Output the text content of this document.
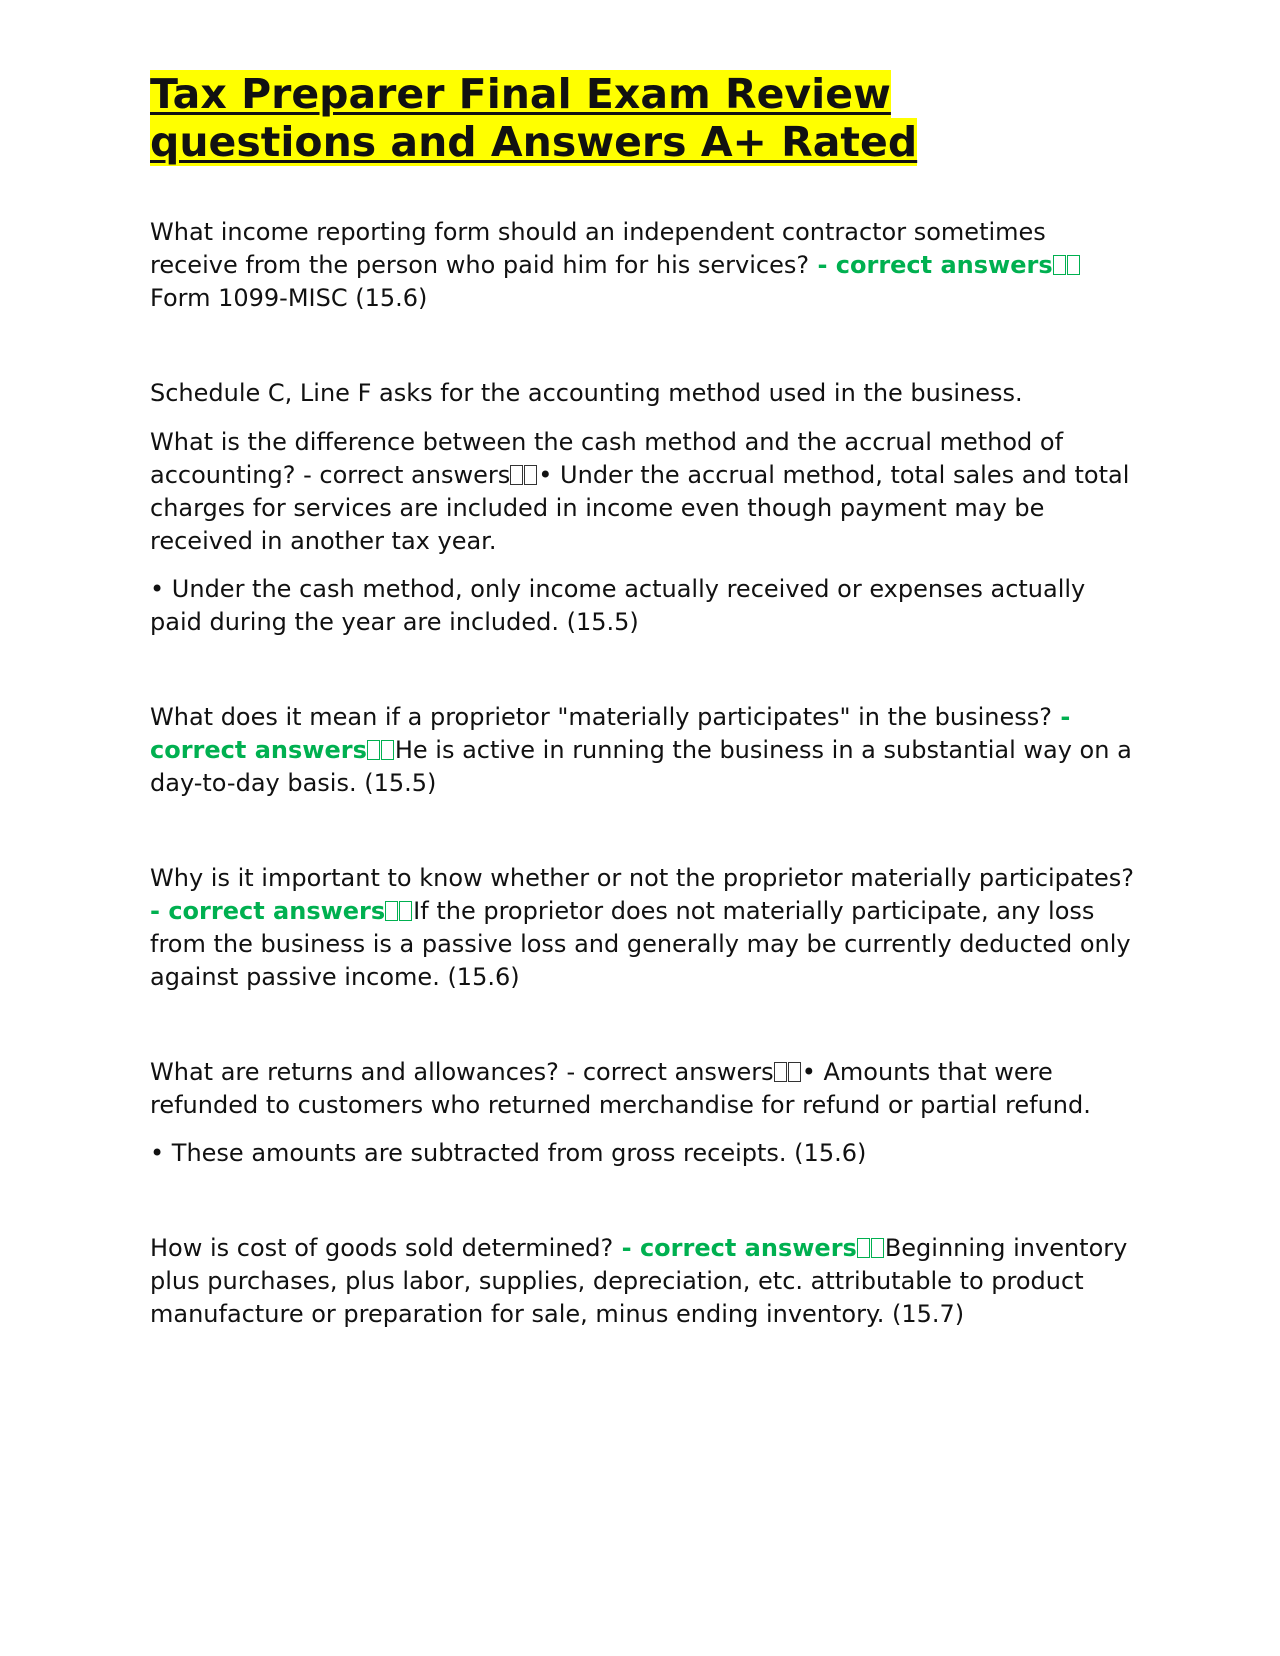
Tax Preparer Final Exam Review
questions and Answers A+ Rated

What income reporting form should an independent contractor sometimes receive from the person who paid him for his services? - correct answersForm 1099-MISC (15.6)

Schedule C, Line F asks for the accounting method used in the business.

What is the difference between the cash method and the accrual method of accounting? - correct answers • Under the accrual method, total sales and total charges for services are included in income even though payment may be received in another tax year.

• Under the cash method, only income actually received or expenses actually paid during the year are included. (15.5)

What does it mean if a proprietor "materially participates" in the business? - correct answers He is active in running the business in a substantial way on a day-to-day basis. (15.5)

Why is it important to know whether or not the proprietor materially participates? - correct answers If the proprietor does not materially participate, any loss from the business is a passive loss and generally may be currently deducted only against passive income. (15.6)

What are returns and allowances? - correct answers • Amounts that were refunded to customers who returned merchandise for refund or partial refund.

• These amounts are subtracted from gross receipts. (15.6)

How is cost of goods sold determined? - correct answers Beginning inventory plus purchases, plus labor, supplies, depreciation, etc. attributable to product manufacture or preparation for sale, minus ending inventory. (15.7)
